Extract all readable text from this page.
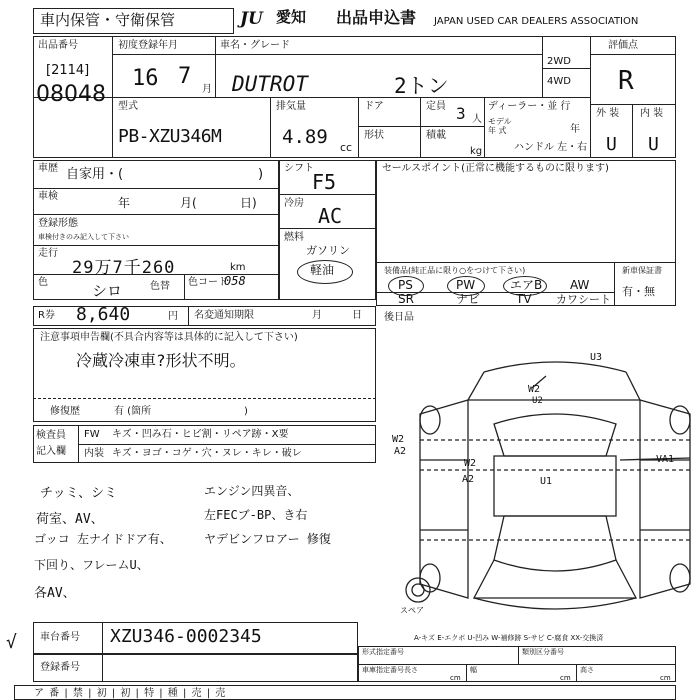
車内保管・守衛保管	JU 愛知 出品申込書 JAPAN USED CAR DEALERS ASSOCIATION
出品番号
[2114]
08048
初度登録年月
16 7
月
車名・グレード
DUTROT	2トン
2WD
4WD
評価点
R
型式
PB-XZU346M
排気量
4.89 cc
ドア
形状
定員 3 人
積載
kg
ディーラー・並 行
モデル
年 式	年
ハンドル 左・右
外 装 内 装
U U
車歴 自家用・(	)
車検	年	月(	日)
登録形態
車検付きのみ記入して下さい
走行
29万7千260	km
色	シロ	色替 色コード
058
シフト
F5
冷房
AC
燃料
ガソリン
軽油
セールスポイント(正常に機能するものに限ります)
装備品(純正品に限り○をつけて下さい)
PS	PW	エアB AW
SR	ナビ	TV カワシート
新車保証書
有・無
R券 8,640	円 名変通知期限	月	日 後日品
注意事項申告欄(不具合内容等は具体的に記入して下さい)
冷蔵冷凍車?形状不明。
修復歴	有 (箇所	)
検査員
記入欄
FW キズ・凹み石・ヒビ割・リペア跡・X要
内装 キズ・ヨゴ・コゲ・穴・ヌレ・キレ・破レ
チッミ、シミ	エンジン四異音、
荷室、AV、	左FECブ-BP、き右
ゴッコ 左ナイドドア有、	ヤデビンフロアー 修復
下回り、フレームU、
各AV、
U3
W2
U2
W2
A2
W2
A2	U1
VA1
スペア
A-キズ E-エクボ U-凹み W-補修跡 S-サビ C-腐食 XX-交換済
√ 車台番号 XZU346-0002345
登録番号
形式指定番号
車庫指定番号
類別区分番号
長さ	幅	高さ
cm	cm	cm
ア 番 | 禁 | 初 | 初 | 特 | 種 | 売 | 売
